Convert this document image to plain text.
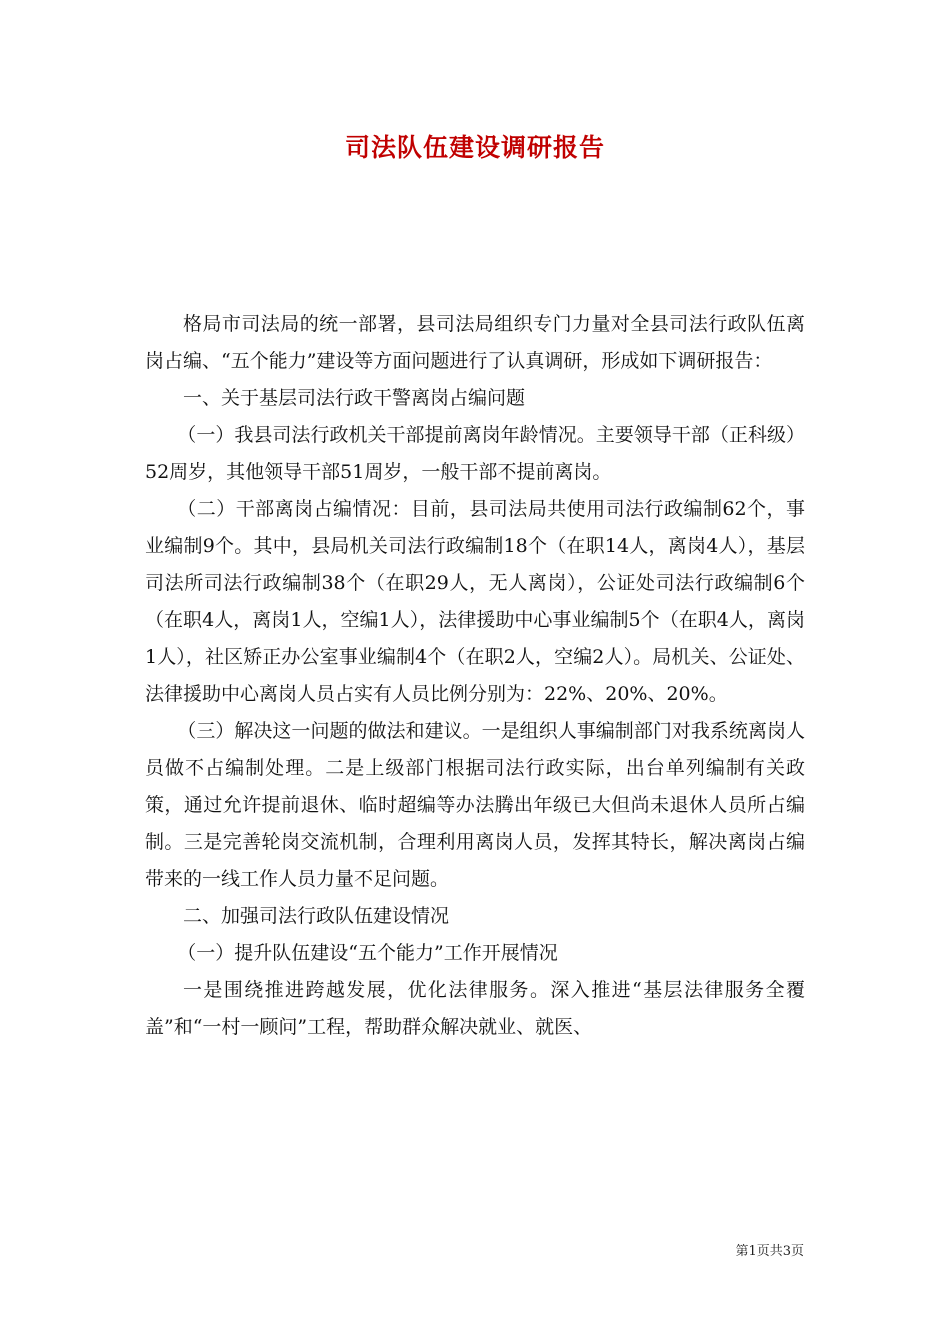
司法队伍建设调研报告

格局市司法局的统一部署，县司法局组织专门力量对全县司法行政队伍离岗占编、“五个能力”建设等方面问题进行了认真调研，形成如下调研报告：

一、关于基层司法行政干警离岗占编问题

（一）我县司法行政机关干部提前离岗年龄情况。主要领导干部（正科级）52周岁，其他领导干部51周岁，一般干部不提前离岗。

（二）干部离岗占编情况：目前，县司法局共使用司法行政编制62个，事业编制9个。其中，县局机关司法行政编制18个（在职14人，离岗4人），基层司法所司法行政编制38个（在职29人，无人离岗），公证处司法行政编制6个（在职4人，离岗1人，空编1人），法律援助中心事业编制5个（在职4人，离岗1人），社区矫正办公室事业编制4个（在职2人，空编2人）。局机关、公证处、法律援助中心离岗人员占实有人员比例分别为：22%、20%、20%。

（三）解决这一问题的做法和建议。一是组织人事编制部门对我系统离岗人员做不占编制处理。二是上级部门根据司法行政实际，出台单列编制有关政策，通过允许提前退休、临时超编等办法腾出年级已大但尚未退休人员所占编制。三是完善轮岗交流机制，合理利用离岗人员，发挥其特长，解决离岗占编带来的一线工作人员力量不足问题。

二、加强司法行政队伍建设情况

（一）提升队伍建设“五个能力”工作开展情况

一是围绕推进跨越发展，优化法律服务。深入推进“基层法律服务全覆盖”和“一村一顾问”工程，帮助群众解决就业、就医、

第1页共3页
